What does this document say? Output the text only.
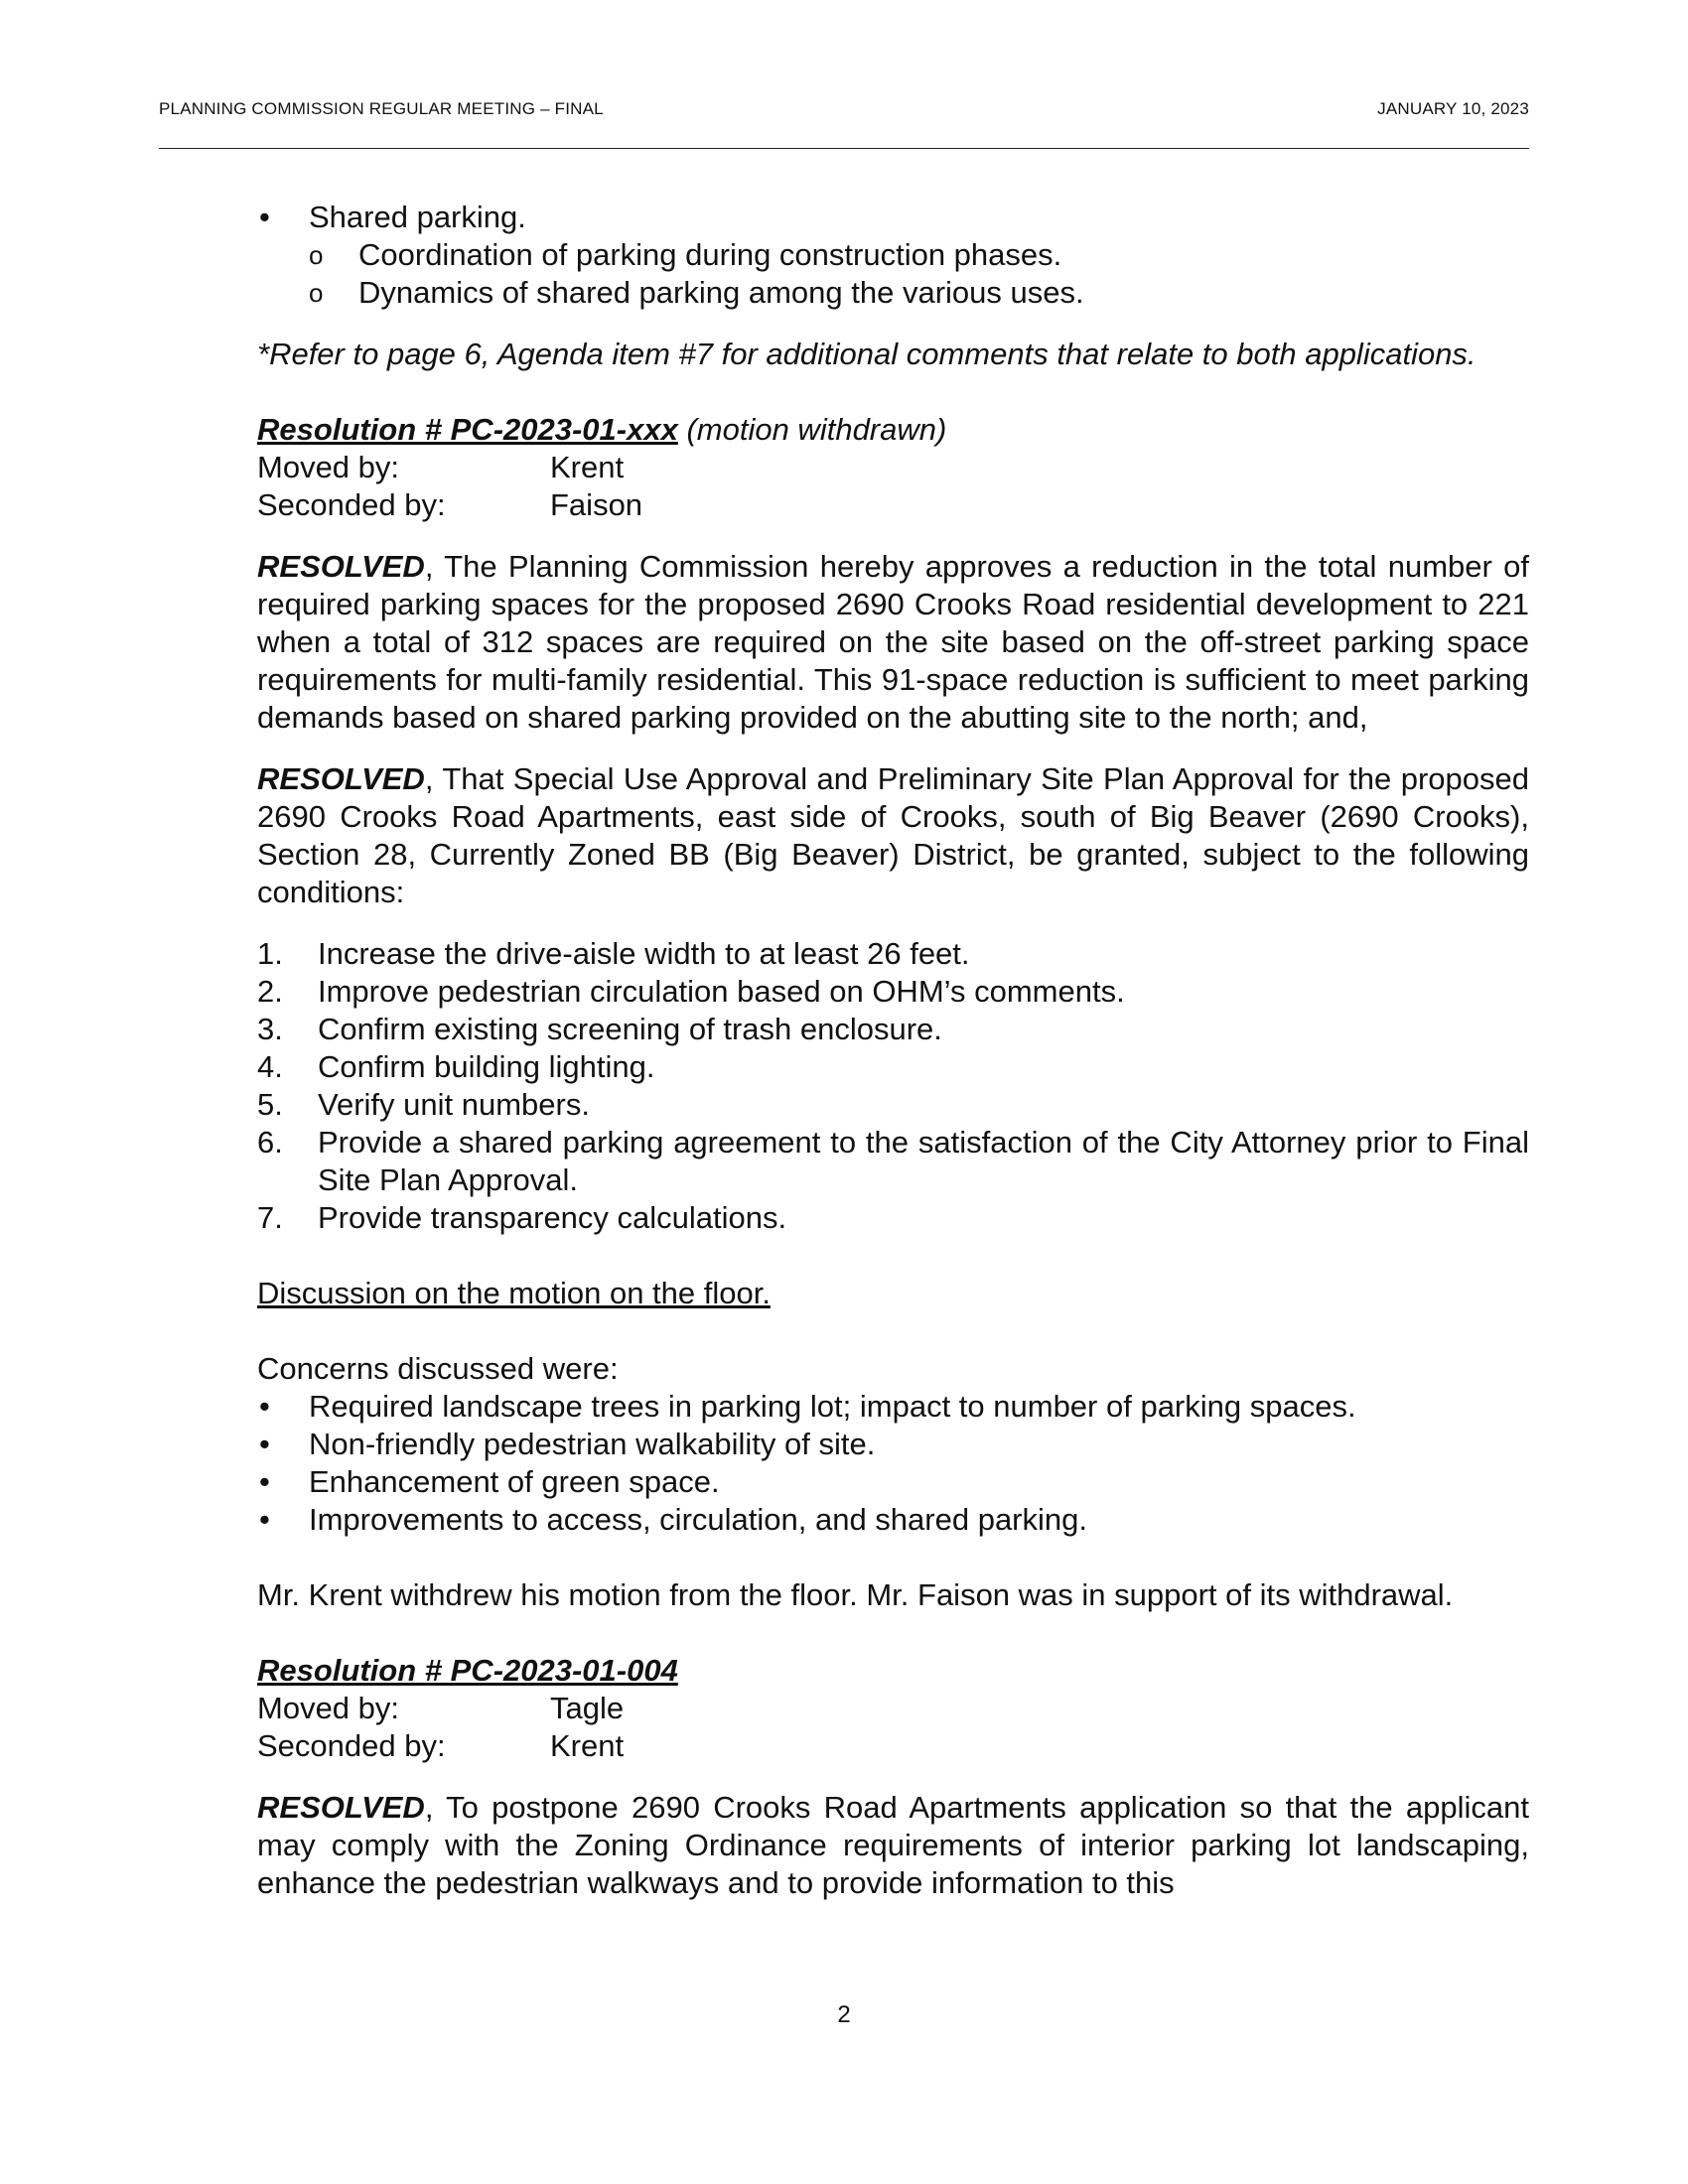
PLANNING COMMISSION REGULAR MEETING – FINAL	JANUARY 10, 2023
•	Shared parking.
o	Coordination of parking during construction phases.
o	Dynamics of shared parking among the various uses.

*Refer to page 6, Agenda item #7 for additional comments that relate to both applications.

Resolution # PC-2023-01-xxx (motion withdrawn)

Moved by:	Krent
Seconded by:	Faison

RESOLVED, The Planning Commission hereby approves a reduction in the total number of required parking spaces for the proposed 2690 Crooks Road residential development to 221 when a total of 312 spaces are required on the site based on the off-street parking space requirements for multi-family residential. This 91-space reduction is sufficient to meet parking demands based on shared parking provided on the abutting site to the north; and,

RESOLVED, That Special Use Approval and Preliminary Site Plan Approval for the proposed 2690 Crooks Road Apartments, east side of Crooks, south of Big Beaver (2690 Crooks), Section 28, Currently Zoned BB (Big Beaver) District, be granted, subject to the following conditions:

1.	Increase the drive-aisle width to at least 26 feet.
2.	Improve pedestrian circulation based on OHM’s comments.
3.	Confirm existing screening of trash enclosure.
4.	Confirm building lighting.
5.	Verify unit numbers.
6.	Provide a shared parking agreement to the satisfaction of the City Attorney prior to Final Site Plan Approval.
7.	Provide transparency calculations.

Discussion on the motion on the floor.

Concerns discussed were:

•	Required landscape trees in parking lot; impact to number of parking spaces.
•	Non-friendly pedestrian walkability of site.
•	Enhancement of green space.
•	Improvements to access, circulation, and shared parking.

Mr. Krent withdrew his motion from the floor. Mr. Faison was in support of its withdrawal.

Resolution # PC-2023-01-004

Moved by:	Tagle
Seconded by:	Krent

RESOLVED, To postpone 2690 Crooks Road Apartments application so that the applicant may comply with the Zoning Ordinance requirements of interior parking lot landscaping, enhance the pedestrian walkways and to provide information to this

2
